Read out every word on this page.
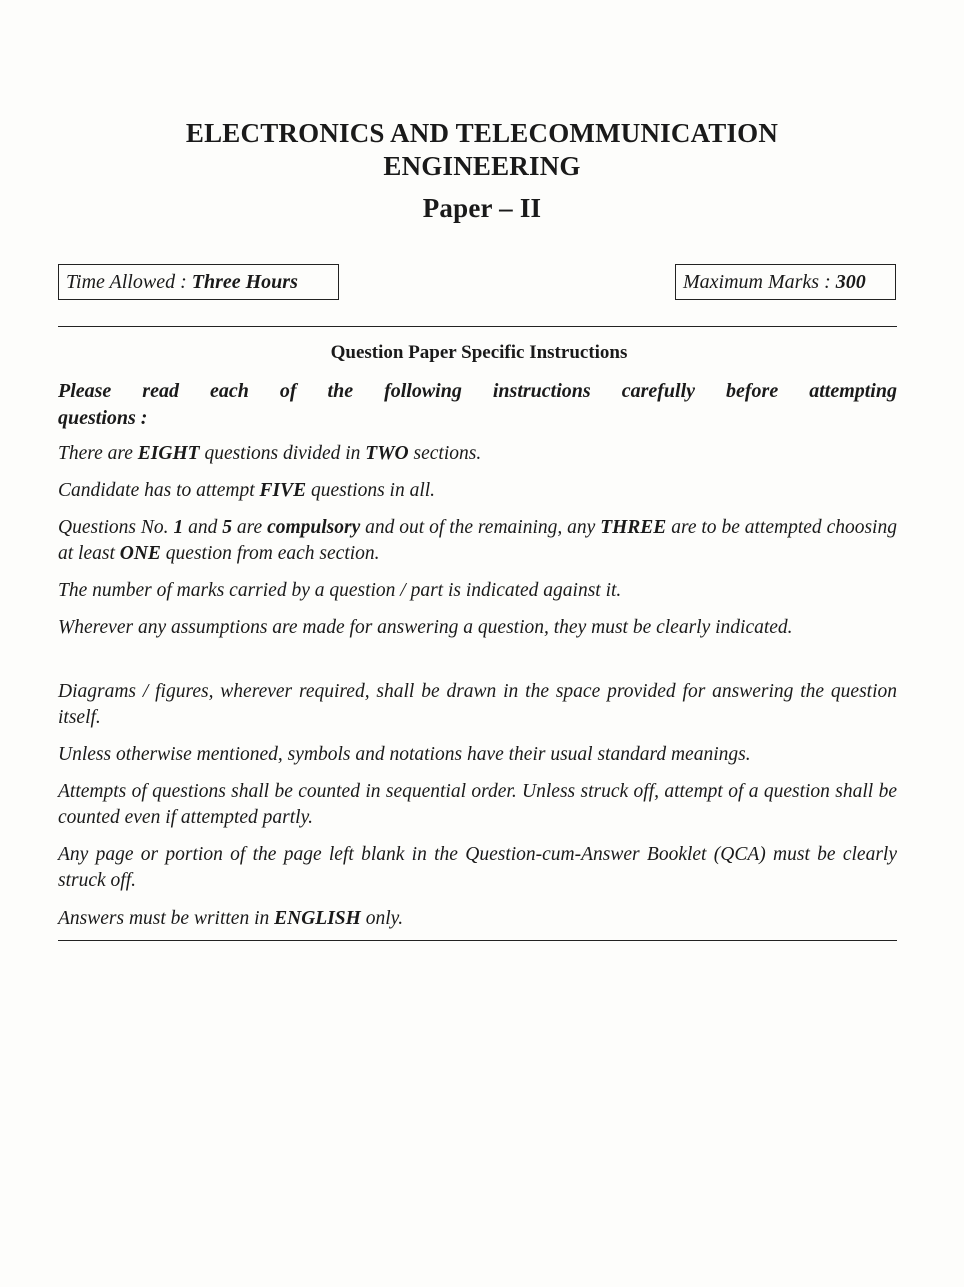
ELECTRONICS AND TELECOMMUNICATION
ENGINEERING
Paper – II
Time Allowed : Three Hours	Maximum Marks : 300
Question Paper Specific Instructions
Please read each of the following instructions carefully before attempting
questions :
There are EIGHT questions divided in TWO sections.
Candidate has to attempt FIVE questions in all.
Questions No. 1 and 5 are compulsory and out of the remaining, any THREE are to be attempted choosing at least ONE question from each section.
The number of marks carried by a question / part is indicated against it.
Wherever any assumptions are made for answering a question, they must be clearly indicated.
Diagrams / figures, wherever required, shall be drawn in the space provided for answering the question itself.
Unless otherwise mentioned, symbols and notations have their usual standard meanings.
Attempts of questions shall be counted in sequential order. Unless struck off, attempt of a question shall be counted even if attempted partly.
Any page or portion of the page left blank in the Question-cum-Answer Booklet (QCA) must be clearly struck off.
Answers must be written in ENGLISH only.
